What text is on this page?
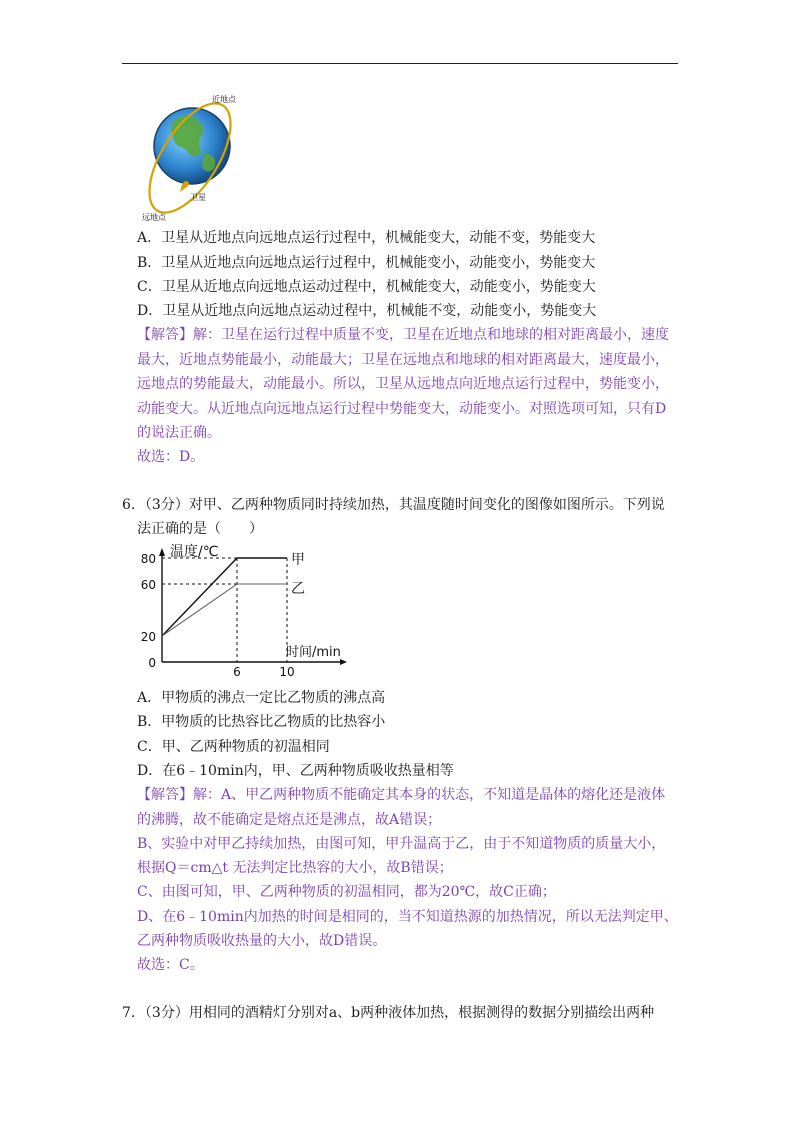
近地点
卫星
远地点
A．卫星从近地点向远地点运行过程中，机械能变大，动能不变，势能变大
B．卫星从近地点向远地点运行过程中，机械能变小，动能变小，势能变大
C．卫星从近地点向远地点运动过程中，机械能变大，动能变小，势能变大
D．卫星从近地点向远地点运动过程中，机械能不变，动能变小，势能变大
【解答】解：卫星在运行过程中质量不变，卫星在近地点和地球的相对距离最小，速度
最大，近地点势能最小，动能最大；卫星在远地点和地球的相对距离最大，速度最小，
远地点的势能最大，动能最小。所以，卫星从远地点向近地点运行过程中，势能变小，
动能变大。从近地点向远地点运行过程中势能变大，动能变小。对照选项可知，只有D
的说法正确。
故选：D。
6．（3分）对甲、乙两种物质同时持续加热，其温度随时间变化的图像如图所示。下列说
法正确的是（　　）
温度/℃
时间/min
0
20
60
80
6	10
甲
乙
A．甲物质的沸点一定比乙物质的沸点高
B．甲物质的比热容比乙物质的比热容小
C．甲、乙两种物质的初温相同
D．在6﹣10min内，甲、乙两种物质吸收热量相等
【解答】解：A、甲乙两种物质不能确定其本身的状态，不知道是晶体的熔化还是液体
的沸腾，故不能确定是熔点还是沸点，故A错误；
B、实验中对甲乙持续加热，由图可知，甲升温高于乙，由于不知道物质的质量大小，
根据Q＝cm△t 无法判定比热容的大小，故B错误；
C、由图可知，甲、乙两种物质的初温相同，都为20℃，故C正确；
D、在6﹣10min内加热的时间是相同的，当不知道热源的加热情况，所以无法判定甲、
乙两种物质吸收热量的大小，故D错误。
故选：C。
7．（3分）用相同的酒精灯分别对a、b两种液体加热，根据测得的数据分别描绘出两种
